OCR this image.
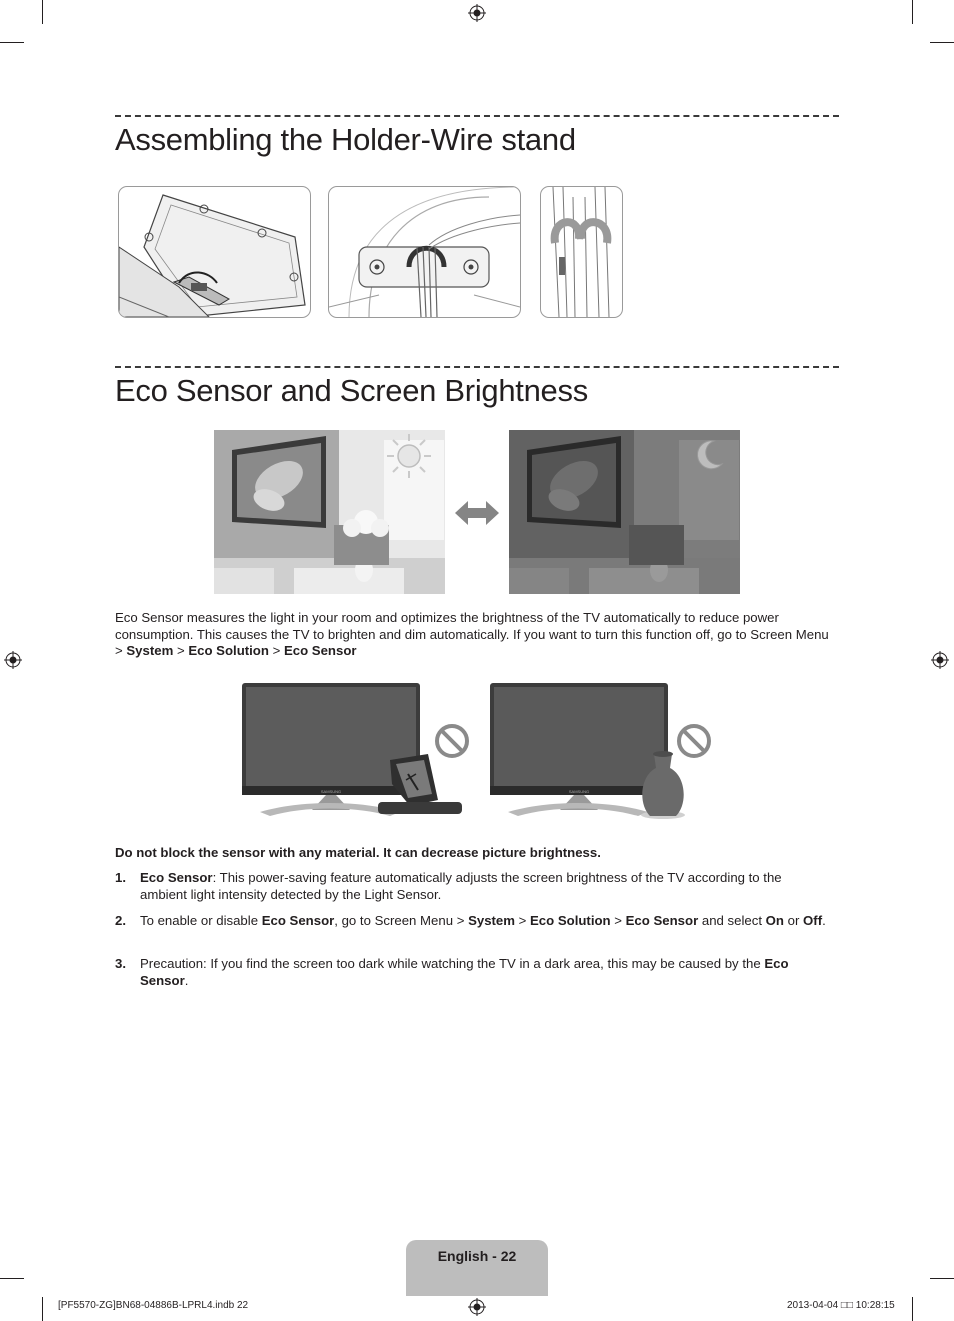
Assembling the Holder-Wire stand
Eco Sensor and Screen Brightness
Eco Sensor measures the light in your room and optimizes the brightness of the TV automatically to reduce power consumption. This causes the TV to brighten and dim automatically. If you want to turn this function off, go to Screen Menu > System > Eco Solution > Eco Sensor
SAMSUNG	SAMSUNG
Do not block the sensor with any material. It can decrease picture brightness.
1.	Eco Sensor: This power-saving feature automatically adjusts the screen brightness of the TV according to the ambient light intensity detected by the Light Sensor.
2.	To enable or disable Eco Sensor, go to Screen Menu > System > Eco Solution > Eco Sensor and select On or Off.
3.	Precaution: If you find the screen too dark while watching the TV in a dark area, this may be caused by the Eco Sensor.
English - 22
[PF5570-ZG]BN68-04886B-LPRL4.indb 22	2013-04-04 □□ 10:28:15
